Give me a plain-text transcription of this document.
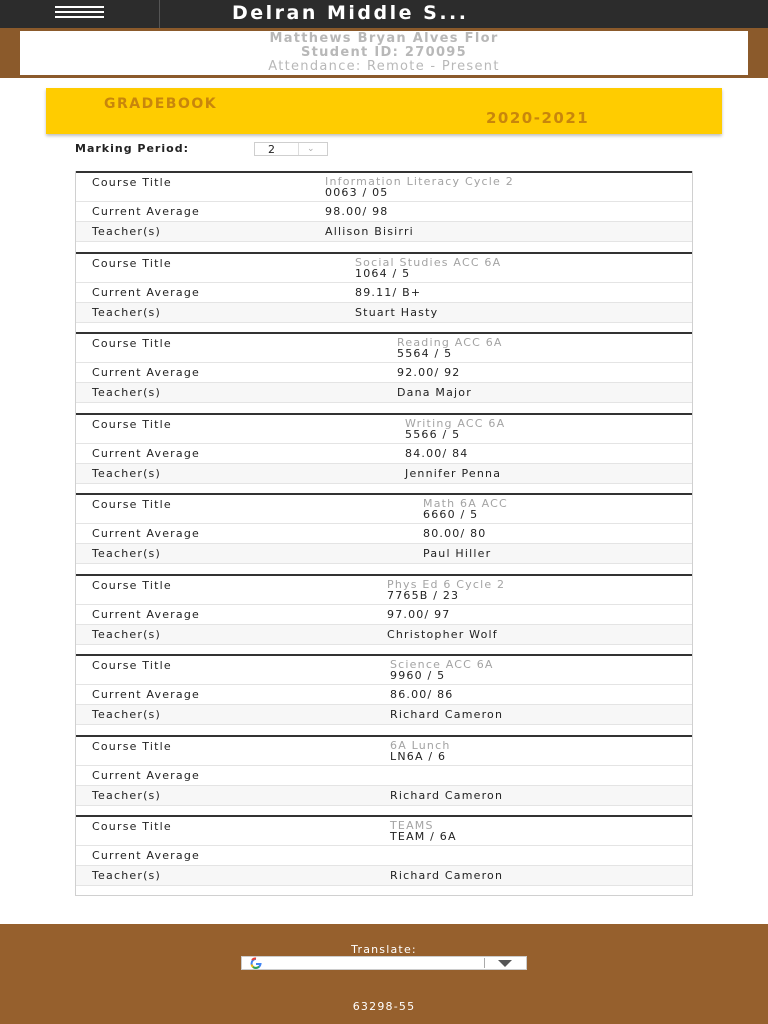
Delran Middle S...
Matthews Bryan Alves Flor
Student ID: 270095
Attendance: Remote - Present
GRADEBOOK
2020-2021
Marking Period:	2	⌄
Course Title	Information Literacy Cycle 2
0063 / 05
Current Average	98.00/ 98
Teacher(s)	Allison Bisirri
Course Title	Social Studies ACC 6A
1064 / 5
Current Average	89.11/ B+
Teacher(s)	Stuart Hasty
Course Title	Reading ACC 6A
5564 / 5
Current Average	92.00/ 92
Teacher(s)	Dana Major
Course Title	Writing ACC 6A
5566 / 5
Current Average	84.00/ 84
Teacher(s)	Jennifer Penna
Course Title	Math 6A ACC
6660 / 5
Current Average	80.00/ 80
Teacher(s)	Paul Hiller
Course Title	Phys Ed 6 Cycle 2
7765B / 23
Current Average	97.00/ 97
Teacher(s)	Christopher Wolf
Course Title	Science ACC 6A
9960 / 5
Current Average	86.00/ 86
Teacher(s)	Richard Cameron
Course Title	6A Lunch
LN6A / 6
Current Average
Teacher(s)	Richard Cameron
Course Title	TEAMS
TEAM / 6A
Current Average
Teacher(s)	Richard Cameron
Translate:
63298-55
